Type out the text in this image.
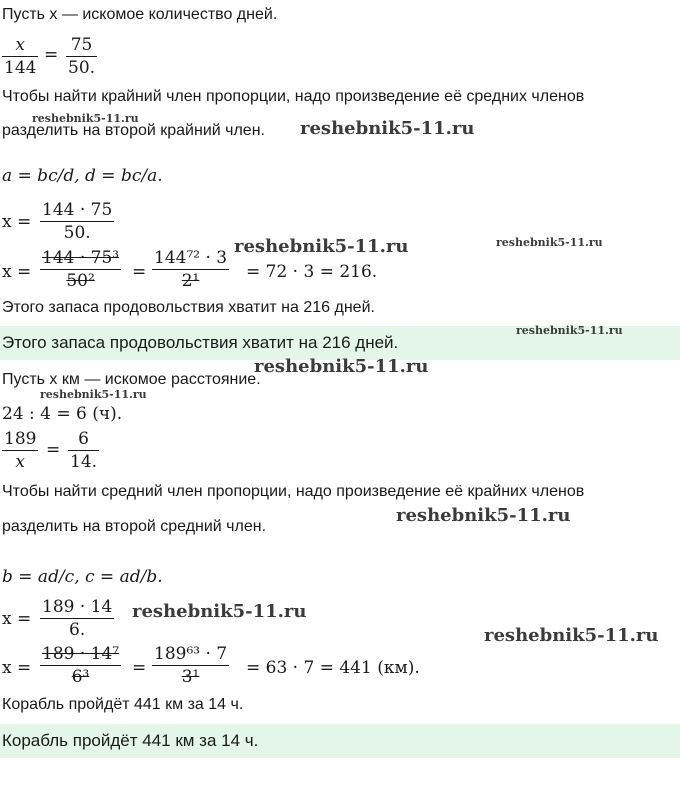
Пусть x — искомое количество дней.
x
144
= 75
50.
Чтобы найти крайний член пропорции, надо произведение её средних членов
разделить на второй крайний член.
a = bc/d, d = bc/a.
x =
144 · 75
50.
x =
144 · 75³
50² =
144⁷² · 3
2¹	= 72 · 3 = 216.
Этого запаса продовольствия хватит на 216 дней.
Этого запаса продовольствия хватит на 216 дней.
Пусть x км — искомое расстояние.
24 : 4 = 6 (ч).
189
x
=
6
14.
Чтобы найти средний член пропорции, надо произведение её крайних членов
разделить на второй средний член.
b = ad/c, c = ad/b.
x =
189 · 14
6.
x =
189 · 14⁷
6³	=
189⁶³ · 7
3¹	= 63 · 7 = 441 (км).
Корабль пройдёт 441 км за 14 ч.
Корабль пройдёт 441 км за 14 ч.
reshebnik5-11.ru	reshebnik5-11.ru
reshebnik5-11.ru	reshebnik5-11.ru
reshebnik5-11.ru
reshebnik5-11.ru
reshebnik5-11.ru
reshebnik5-11.ru
reshebnik5-11.ru
reshebnik5-11.ru
